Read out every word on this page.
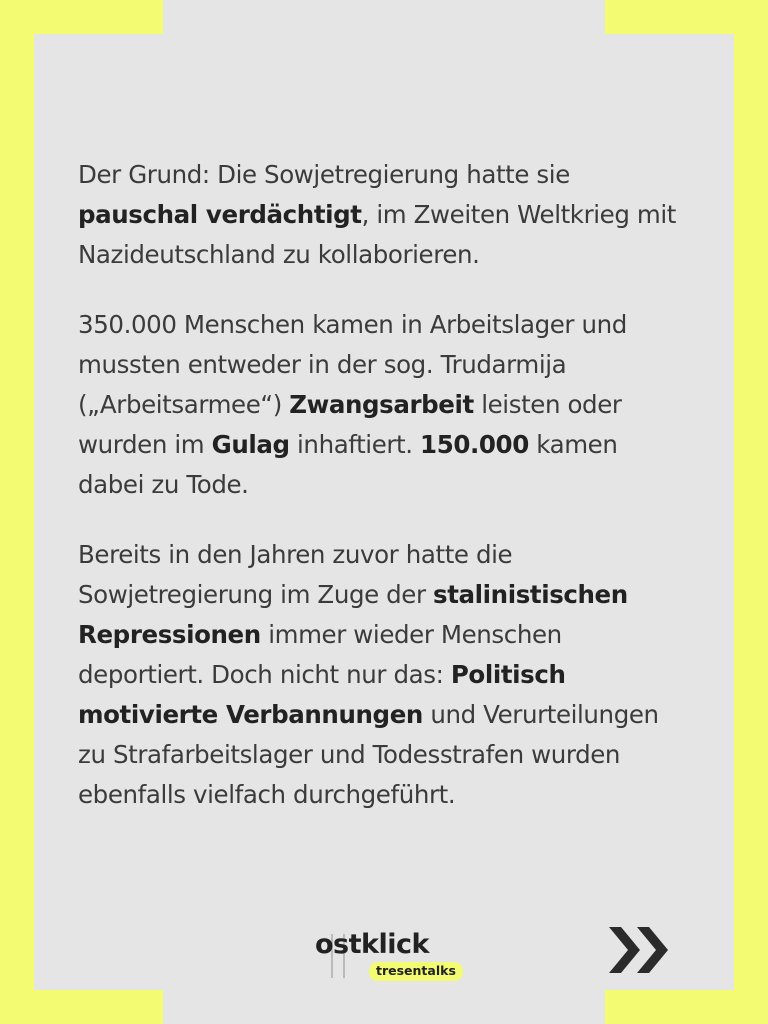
Der Grund: Die Sowjetregierung hatte sie pauschal verdächtigt, im Zweiten Weltkrieg mit Nazideutschland zu kollaborieren.

350.000 Menschen kamen in Arbeitslager und mussten entweder in der sog. Trudarmija („Arbeitsarmee“) Zwangsarbeit leisten oder wurden im Gulag inhaftiert. 150.000 kamen dabei zu Tode.

Bereits in den Jahren zuvor hatte die Sowjetregierung im Zuge der stalinistischen Repressionen immer wieder Menschen deportiert. Doch nicht nur das: Politisch motivierte Verbannungen und Verurteilungen zu Strafarbeitslager und Todesstrafen wurden ebenfalls vielfach durchgeführt.

ostklick
tresentalks
